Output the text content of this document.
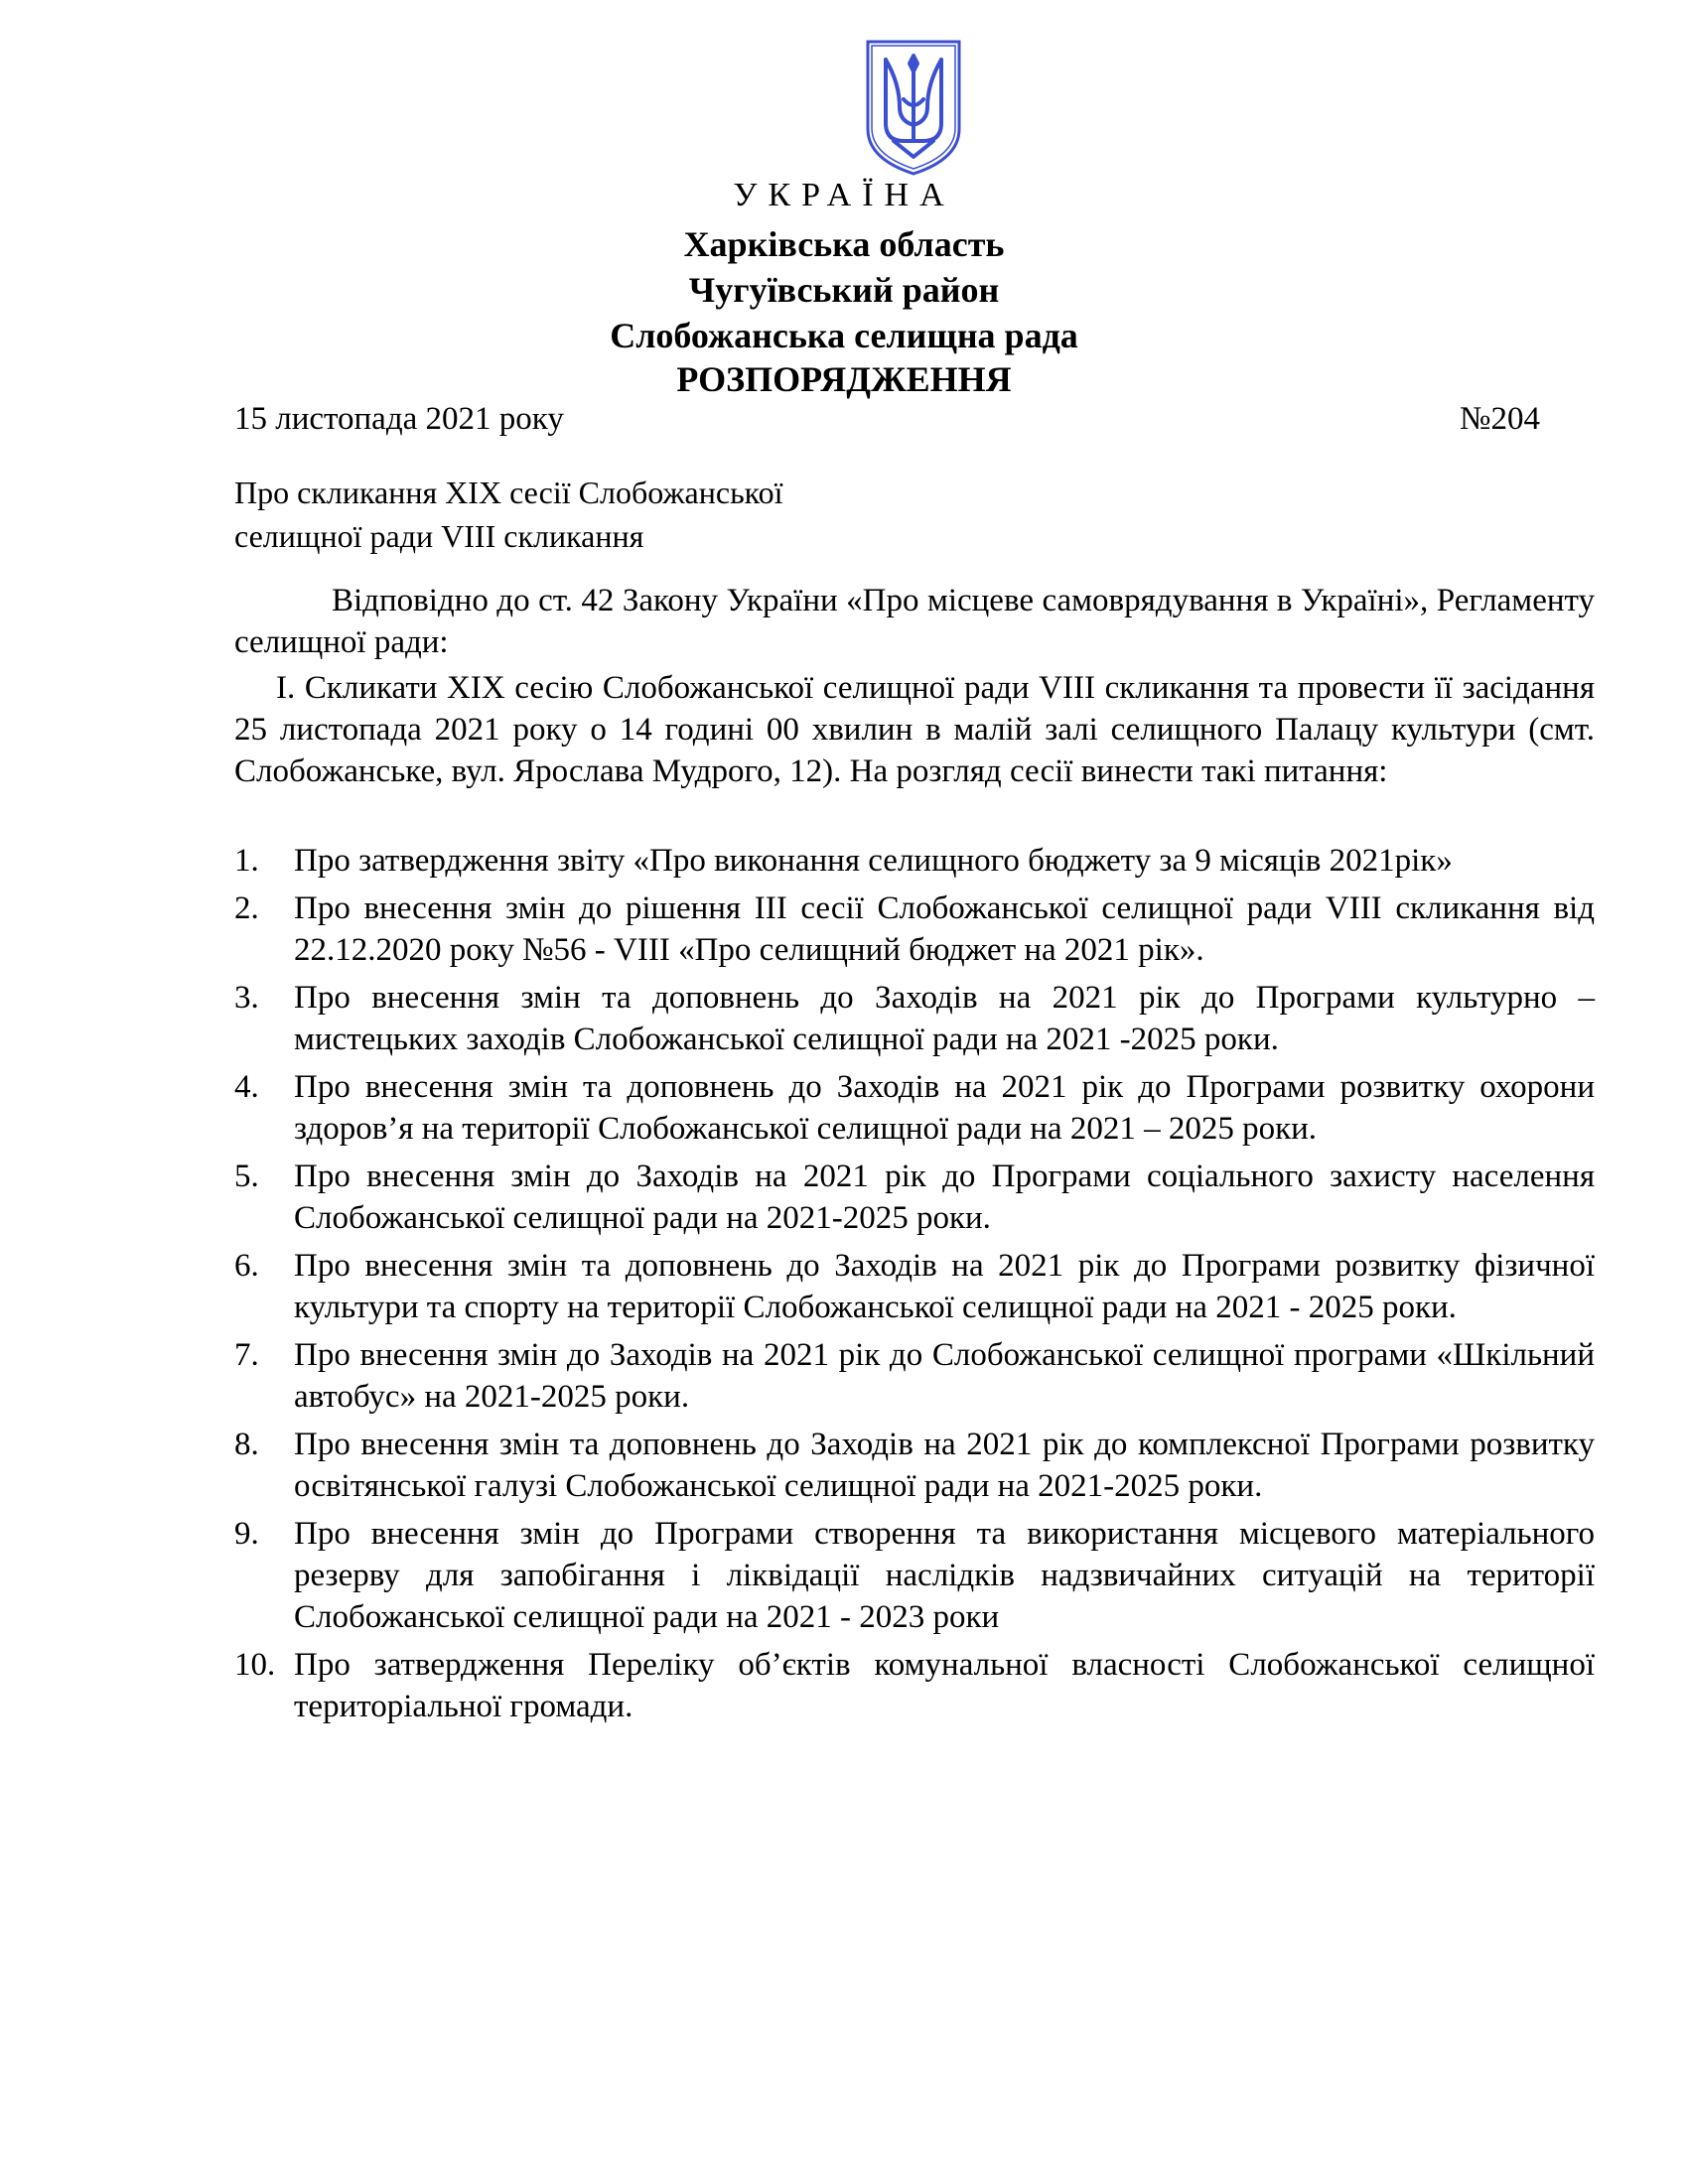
УКРАЇНА
Харківська область
Чугуївський район
Слобожанська селищна рада
РОЗПОРЯДЖЕННЯ
15 листопада 2021 року	№204
Про скликання XIX сесії Слобожанської
селищної ради VIII скликання
Відповідно до ст. 42 Закону України «Про місцеве самоврядування в Україні», Регламенту селищної ради:
I. Скликати XIX сесію Слобожанської селищної ради VIII скликання та провести її засідання 25 листопада 2021 року о 14 годині 00 хвилин в малій залі селищного Палацу культури (смт. Слобожанське, вул. Ярослава Мудрого, 12). На розгляд сесії винести такі питання:
1. Про затвердження звіту «Про виконання селищного бюджету за 9 місяців 2021рік»
2. Про внесення змін до рішення III сесії Слобожанської селищної ради VIII скликання від 22.12.2020 року №56 - VIII «Про селищний бюджет на 2021 рік».
3. Про внесення змін та доповнень до Заходів на 2021 рік до Програми культурно – мистецьких заходів Слобожанської селищної ради на 2021 -2025 роки.
4. Про внесення змін та доповнень до Заходів на 2021 рік до Програми розвитку охорони здоров’я на території Слобожанської селищної ради на 2021 – 2025 роки.
5. Про внесення змін до Заходів на 2021 рік до Програми соціального захисту населення Слобожанської селищної ради на 2021-2025 роки.
6. Про внесення змін та доповнень до Заходів на 2021 рік до Програми розвитку фізичної культури та спорту на території Слобожанської селищної ради на 2021 - 2025 роки.
7. Про внесення змін до Заходів на 2021 рік до Слобожанської селищної програми «Шкільний автобус» на 2021-2025 роки.
8. Про внесення змін та доповнень до Заходів на 2021 рік до комплексної Програми розвитку освітянської галузі Слобожанської селищної ради на 2021-2025 роки.
9. Про внесення змін до Програми створення та використання місцевого матеріального резерву для запобігання і ліквідації наслідків надзвичайних ситуацій на території Слобожанської селищної ради на 2021 - 2023 роки
10. Про затвердження Переліку об’єктів комунальної власності Слобожанської селищної територіальної громади.
